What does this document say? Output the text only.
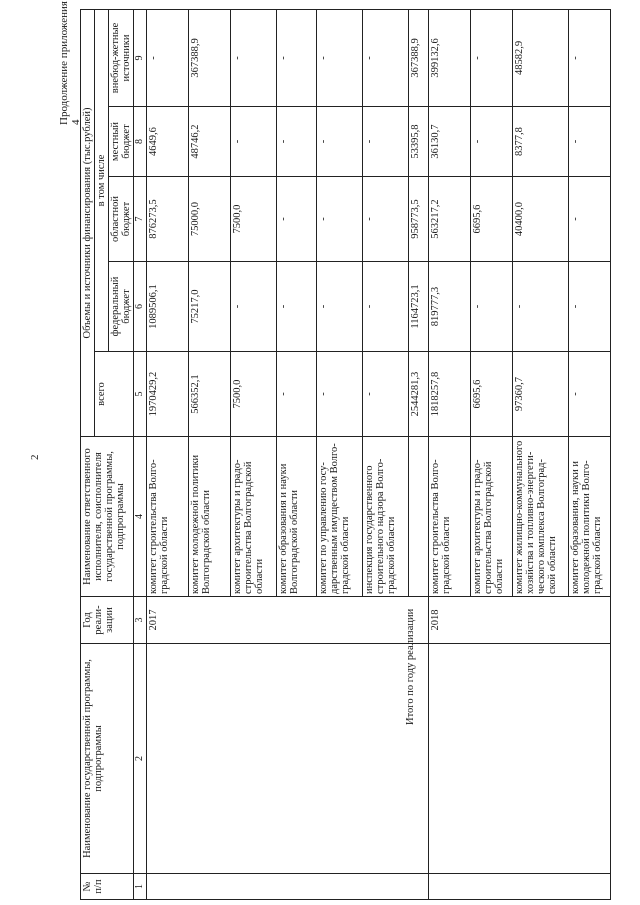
2
Продолжение приложения 4
№ п/п	Наименование государственной программы, подпрограммы	Год реали-зации	Наименование ответственного исполнителя, соисполнителя государственной программы, подпрограммы	Объемы и источники финансирования (тыс.рублей)				
				всего	в том числе			
					федеральный бюджет	областной бюджет	местный бюджет	внебюд-жетные источники
1	2	3	4	5	6	7	8	9
		2017	комитет строительства Волго-градской области	1970429,2	1089506,1	876273,5	4649,6	-
			комитет молодежной политики Волгоградской области	566352,1	75217,0	75000,0	48746,2	367388,9
			комитет архитектуры и градо-строительства Волгоградской области	7500,0	-	7500,0	-	-
			комитет образования и науки Волгоградской области	-	-	-	-	-
			комитет по управлению госу-дарственным имуществом Волго-градской области	-	-	-	-	-
			инспекция государственного строительного надзора Волго-градской области	-	-	-	-	-
				2544281,3	1164723,1	958773,5	53395,8	367388,9
		2018	комитет строительства Волго-градской области	1818257,8	819777,3	563217,2	36130,7	399132,6
			комитет архитектуры и градо-строительства Волгоградской области	6695,6	-	6695,6	-	-
			комитет жилищно-коммунального хозяйства и топливно-энергети-ческого комплекса Волгоград-ской области	97360,7	-	40400,0	8377,8	48582,9
			комитет образования, науки и молодежной политики Волго-градской области	-	-	-	-	-
Итого по году реализации
